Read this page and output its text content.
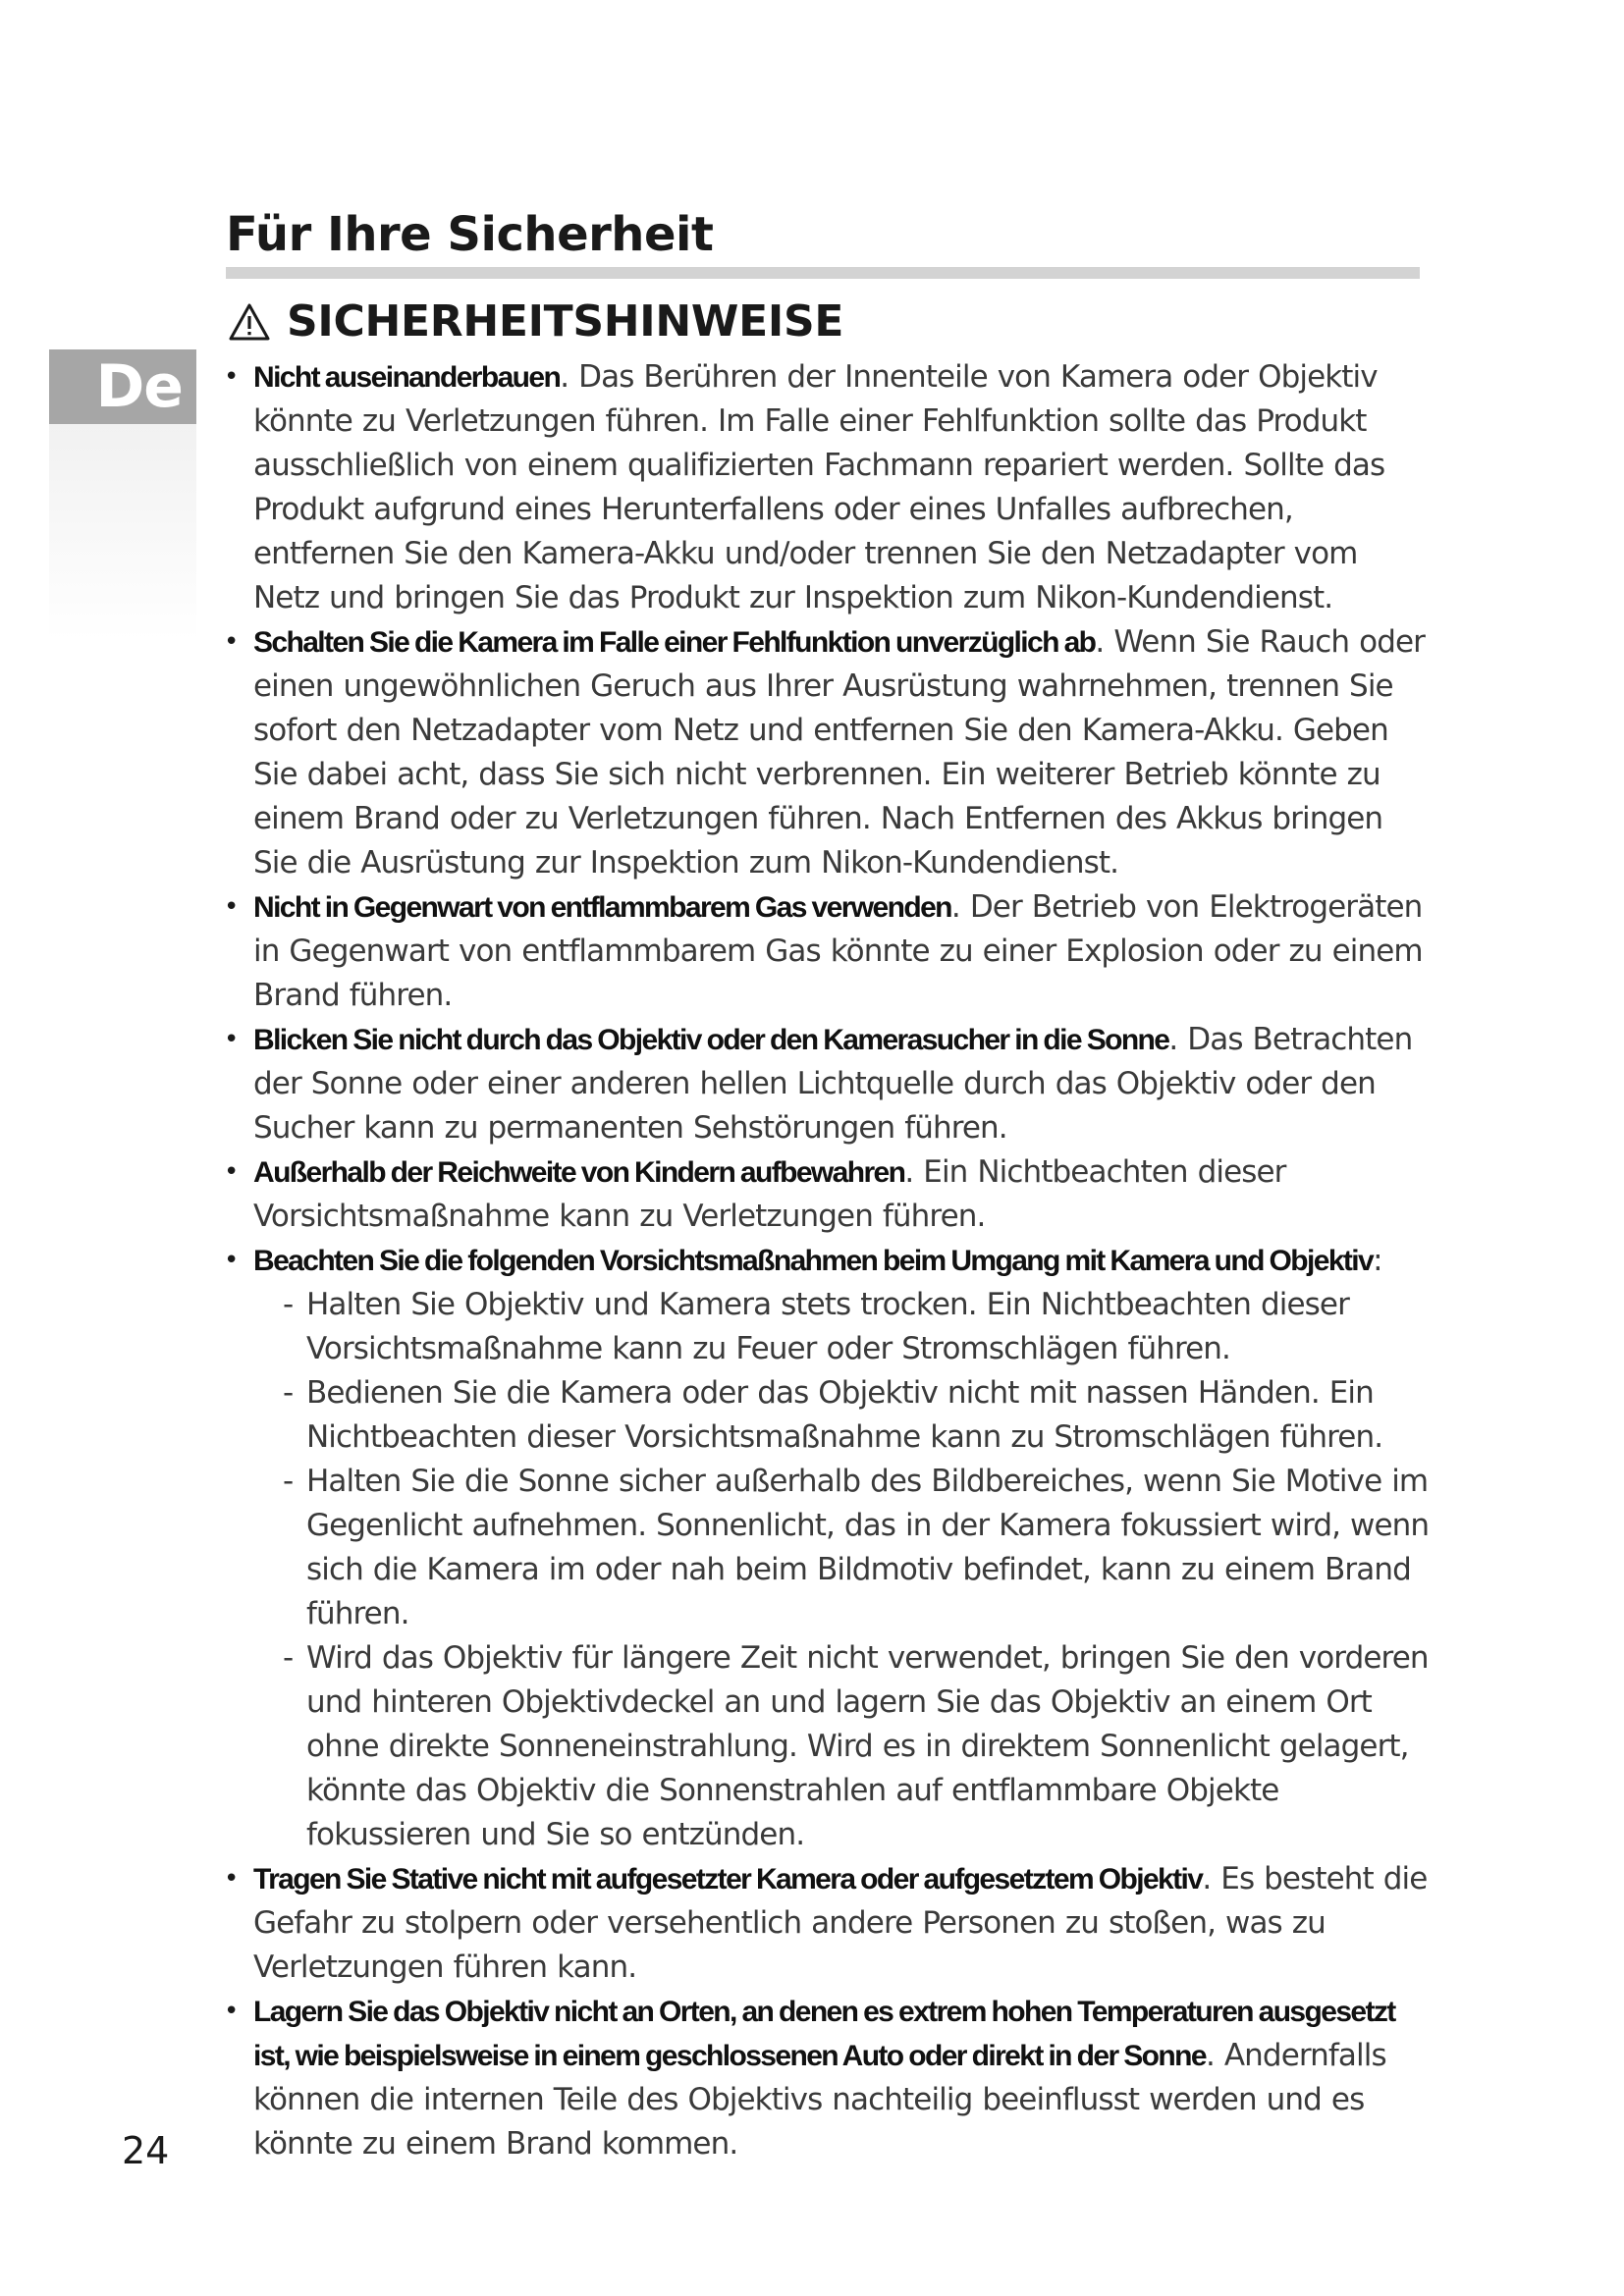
Für Ihre Sicherheit
De
SICHERHEITSHINWEISE
• Nicht auseinanderbauen. Das Berühren der Innenteile von Kamera oder Objektiv könnte zu Verletzungen führen. Im Falle einer Fehlfunktion sollte das Produkt ausschließlich von einem qualifizierten Fachmann repariert werden. Sollte das Produkt aufgrund eines Herunterfallens oder eines Unfalles aufbrechen, entfernen Sie den Kamera-Akku und/oder trennen Sie den Netzadapter vom Netz und bringen Sie das Produkt zur Inspektion zum Nikon-Kundendienst.
• Schalten Sie die Kamera im Falle einer Fehlfunktion unverzüglich ab. Wenn Sie Rauch oder einen ungewöhnlichen Geruch aus Ihrer Ausrüstung wahrnehmen, trennen Sie sofort den Netzadapter vom Netz und entfernen Sie den Kamera-Akku. Geben Sie dabei acht, dass Sie sich nicht verbrennen. Ein weiterer Betrieb könnte zu einem Brand oder zu Verletzungen führen. Nach Entfernen des Akkus bringen Sie die Ausrüstung zur Inspektion zum Nikon-Kundendienst.
• Nicht in Gegenwart von entflammbarem Gas verwenden. Der Betrieb von Elektrogeräten in Gegenwart von entflammbarem Gas könnte zu einer Explosion oder zu einem Brand führen.
• Blicken Sie nicht durch das Objektiv oder den Kamerasucher in die Sonne. Das Betrachten der Sonne oder einer anderen hellen Lichtquelle durch das Objektiv oder den Sucher kann zu permanenten Sehstörungen führen.
• Außerhalb der Reichweite von Kindern aufbewahren. Ein Nichtbeachten dieser Vorsichtsmaßnahme kann zu Verletzungen führen.
• Beachten Sie die folgenden Vorsichtsmaßnahmen beim Umgang mit Kamera und Objektiv:
- Halten Sie Objektiv und Kamera stets trocken. Ein Nichtbeachten dieser Vorsichtsmaßnahme kann zu Feuer oder Stromschlägen führen.
- Bedienen Sie die Kamera oder das Objektiv nicht mit nassen Händen. Ein Nichtbeachten dieser Vorsichtsmaßnahme kann zu Stromschlägen führen.
- Halten Sie die Sonne sicher außerhalb des Bildbereiches, wenn Sie Motive im Gegenlicht aufnehmen. Sonnenlicht, das in der Kamera fokussiert wird, wenn sich die Kamera im oder nah beim Bildmotiv befindet, kann zu einem Brand führen.
- Wird das Objektiv für längere Zeit nicht verwendet, bringen Sie den vorderen und hinteren Objektivdeckel an und lagern Sie das Objektiv an einem Ort ohne direkte Sonneneinstrahlung. Wird es in direktem Sonnenlicht gelagert, könnte das Objektiv die Sonnenstrahlen auf entflammbare Objekte fokussieren und Sie so entzünden.
• Tragen Sie Stative nicht mit aufgesetzter Kamera oder aufgesetztem Objektiv. Es besteht die Gefahr zu stolpern oder versehentlich andere Personen zu stoßen, was zu Verletzungen führen kann.
• Lagern Sie das Objektiv nicht an Orten, an denen es extrem hohen Temperaturen ausgesetzt ist, wie beispielsweise in einem geschlossenen Auto oder direkt in der Sonne. Andernfalls können die internen Teile des Objektivs nachteilig beeinflusst werden und es könnte zu einem Brand kommen.
24
